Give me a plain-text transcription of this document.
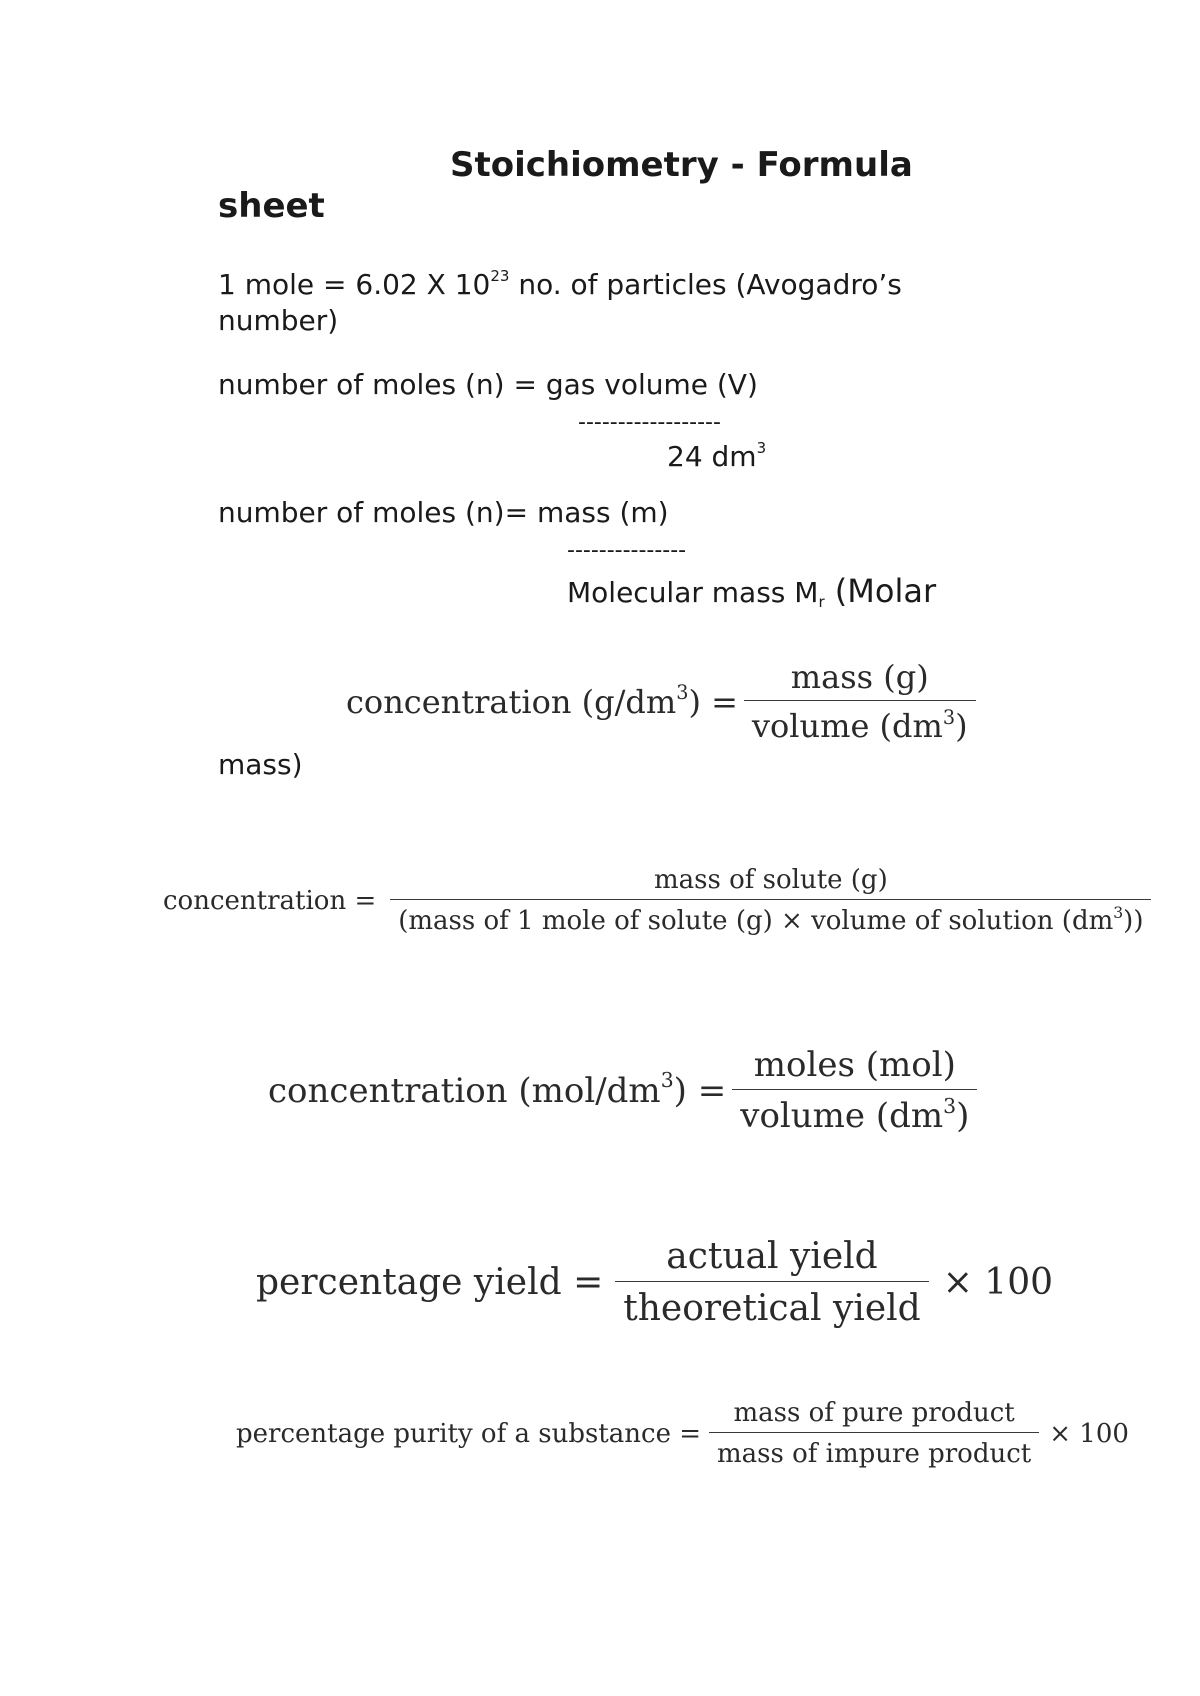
Stoichiometry - Formula
sheet
1 mole = 6.02 X $10^{23}$ no. of particles (Avogadro’s
number)
number of moles (n) = gas volume (V)
------------------
24 $dm^3$
number of moles (n)= mass (m)
---------------
Molecular mass $M_r$ (Molar
mass)
concentration $(g/dm^3) = \frac{\text{mass (g)}}{volume (dm^3)}$
concentration = $\frac{\text{mass of solute (g)}}{(mass of 1 mole of solute (g) \times volume of solution (dm^3))}$
concentration $(mol/dm^3) = \frac{\text{moles (mol)}}{volume (dm^3)}$
percentage yield = $\frac{\text{actual yield}}{\text{theoretical yield}} \times 100$
percentage purity of a substance = $\frac{\text{mass of pure product}}{\text{mass of impure product}} \times 100$
